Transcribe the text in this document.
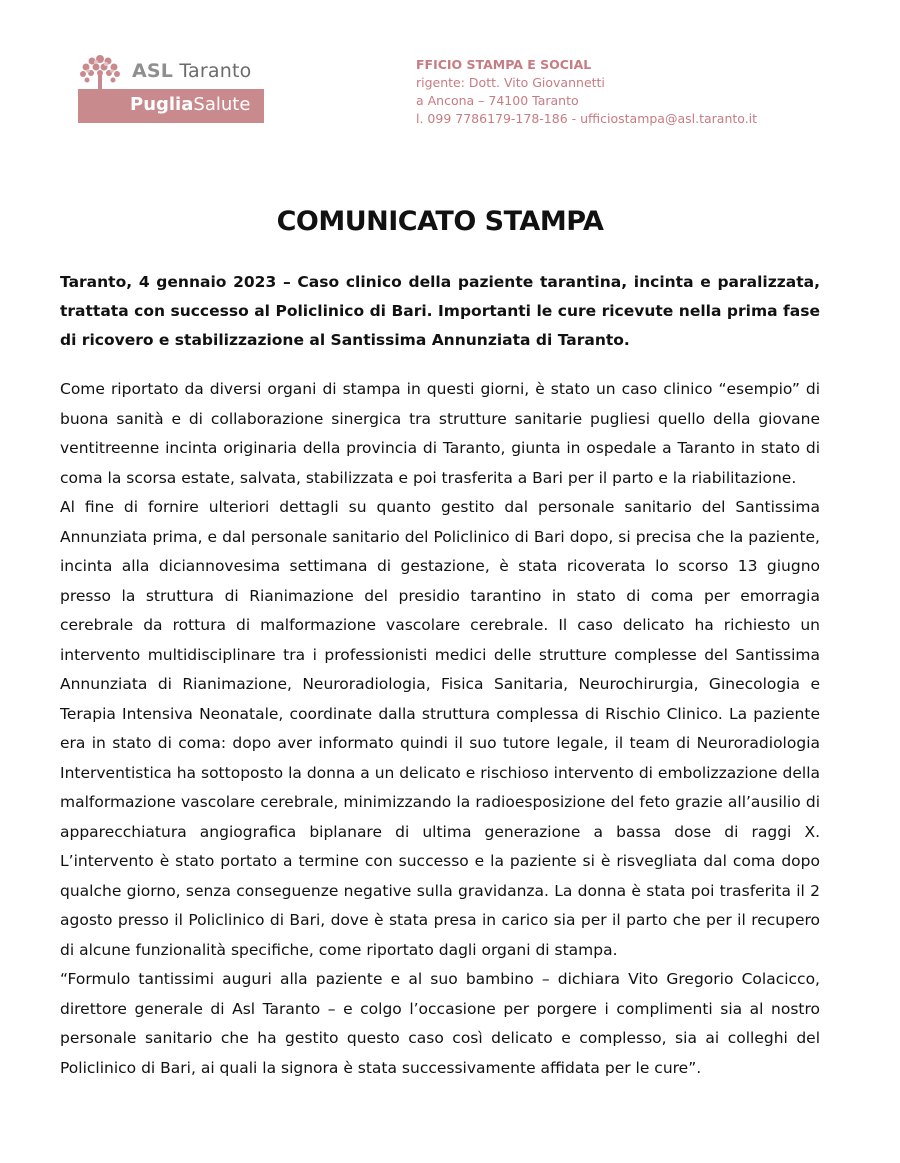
ASL Taranto
PugliaSalute
FFICIO STAMPA E SOCIAL
rigente: Dott. Vito Giovannetti
a Ancona – 74100 Taranto
l. 099 7786179-178-186 - ufficiostampa@asl.taranto.it
COMUNICATO STAMPA
Taranto, 4 gennaio 2023 – Caso clinico della paziente tarantina, incinta e paralizzata, trattata con successo al Policlinico di Bari. Importanti le cure ricevute nella prima fase di ricovero e stabilizzazione al Santissima Annunziata di Taranto.
Come riportato da diversi organi di stampa in questi giorni, è stato un caso clinico “esempio” di buona sanità e di collaborazione sinergica tra strutture sanitarie pugliesi quello della giovane ventitreenne incinta originaria della provincia di Taranto, giunta in ospedale a Taranto in stato di coma la scorsa estate, salvata, stabilizzata e poi trasferita a Bari per il parto e la riabilitazione.
Al fine di fornire ulteriori dettagli su quanto gestito dal personale sanitario del Santissima Annunziata prima, e dal personale sanitario del Policlinico di Bari dopo, si precisa che la paziente, incinta alla diciannovesima settimana di gestazione, è stata ricoverata lo scorso 13 giugno presso la struttura di Rianimazione del presidio tarantino in stato di coma per emorragia cerebrale da rottura di malformazione vascolare cerebrale. Il caso delicato ha richiesto un intervento multidisciplinare tra i professionisti medici delle strutture complesse del Santissima Annunziata di Rianimazione, Neuroradiologia, Fisica Sanitaria, Neurochirurgia, Ginecologia e Terapia Intensiva Neonatale, coordinate dalla struttura complessa di Rischio Clinico. La paziente era in stato di coma: dopo aver informato quindi il suo tutore legale, il team di Neuroradiologia Interventistica ha sottoposto la donna a un delicato e rischioso intervento di embolizzazione della malformazione vascolare cerebrale, minimizzando la radioesposizione del feto grazie all’ausilio di apparecchiatura angiografica biplanare di ultima generazione a bassa dose di raggi X. L’intervento è stato portato a termine con successo e la paziente si è risvegliata dal coma dopo qualche giorno, senza conseguenze negative sulla gravidanza. La donna è stata poi trasferita il 2 agosto presso il Policlinico di Bari, dove è stata presa in carico sia per il parto che per il recupero di alcune funzionalità specifiche, come riportato dagli organi di stampa.
“Formulo tantissimi auguri alla paziente e al suo bambino – dichiara Vito Gregorio Colacicco, direttore generale di Asl Taranto – e colgo l’occasione per porgere i complimenti sia al nostro personale sanitario che ha gestito questo caso così delicato e complesso, sia ai colleghi del Policlinico di Bari, ai quali la signora è stata successivamente affidata per le cure”.
